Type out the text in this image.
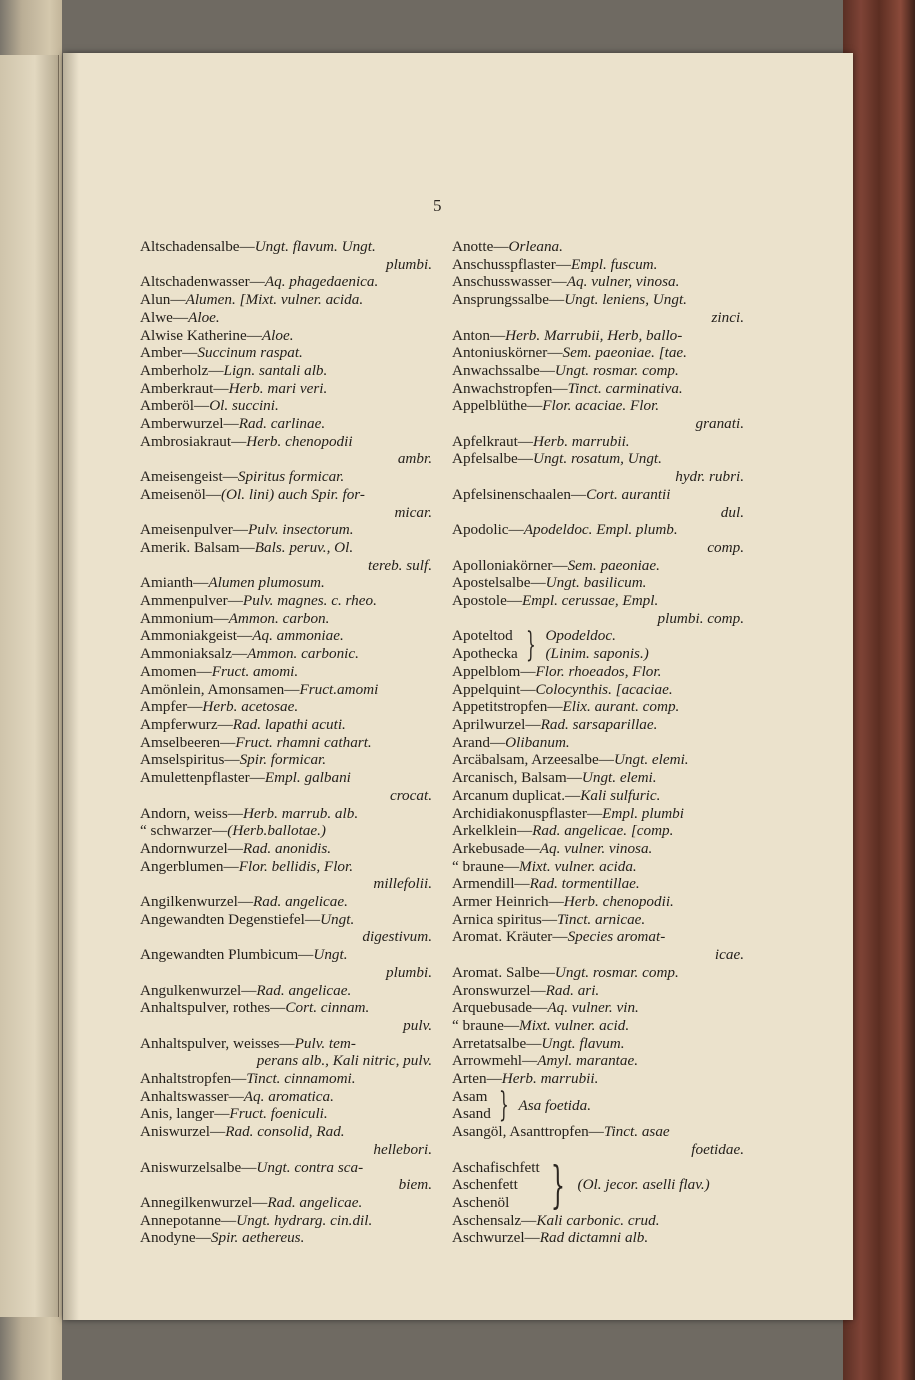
5
Altschadensalbe—Ungt. flavum. Ungt.
plumbi.
Altschadenwasser—Aq. phagedaenica.
Alun—Alumen. [Mixt. vulner. acida.
Alwe—Aloe.
Alwise Katherine—Aloe.
Amber—Succinum raspat.
Amberholz—Lign. santali alb.
Amberkraut—Herb. mari veri.
Amberöl—Ol. succini.
Amberwurzel—Rad. carlinae.
Ambrosiakraut—Herb. chenopodii
ambr.
Ameisengeist—Spiritus formicar.
Ameisenöl—(Ol. lini) auch Spir. for-
micar.
Ameisenpulver—Pulv. insectorum.
Amerik. Balsam—Bals. peruv., Ol.
tereb. sulf.
Amianth—Alumen plumosum.
Ammenpulver—Pulv. magnes. c. rheo.
Ammonium—Ammon. carbon.
Ammoniakgeist—Aq. ammoniae.
Ammoniaksalz—Ammon. carbonic.
Amomen—Fruct. amomi.
Amönlein, Amonsamen—Fruct.amomi
Ampfer—Herb. acetosae.
Ampferwurz—Rad. lapathi acuti.
Amselbeeren—Fruct. rhamni cathart.
Amselspiritus—Spir. formicar.
Amulettenpflaster—Empl. galbani
crocat.
Andorn, weiss—Herb. marrub. alb.
“ schwarzer—(Herb.ballotae.)
Andornwurzel—Rad. anonidis.
Angerblumen—Flor. bellidis, Flor.
millefolii.
Angilkenwurzel—Rad. angelicae.
Angewandten Degenstiefel—Ungt.
digestivum.
Angewandten Plumbicum—Ungt.
plumbi.
Angulkenwurzel—Rad. angelicae.
Anhaltspulver, rothes—Cort. cinnam.
pulv.
Anhaltspulver, weisses—Pulv. tem-
perans alb., Kali nitric, pulv.
Anhaltstropfen—Tinct. cinnamomi.
Anhaltswasser—Aq. aromatica.
Anis, langer—Fruct. foeniculi.
Aniswurzel—Rad. consolid, Rad.
hellebori.
Aniswurzelsalbe—Ungt. contra sca-
biem.
Annegilkenwurzel—Rad. angelicae.
Annepotanne—Ungt. hydrarg. cin.dil.
Anodyne—Spir. aethereus.
Anotte—Orleana.
Anschusspflaster—Empl. fuscum.
Anschusswasser—Aq. vulner, vinosa.
Ansprungssalbe—Ungt. leniens, Ungt.
zinci.
Anton—Herb. Marrubii, Herb, ballo-
Antoniuskörner—Sem. paeoniae. [tae.
Anwachssalbe—Ungt. rosmar. comp.
Anwachstropfen—Tinct. carminativa.
Appelblüthe—Flor. acaciae. Flor.
granati.
Apfelkraut—Herb. marrubii.
Apfelsalbe—Ungt. rosatum, Ungt.
hydr. rubri.
Apfelsinenschaalen—Cort. aurantii
dul.
Apodolic—Apodeldoc. Empl. plumb.
comp.
Apolloniakörner—Sem. paeoniae.
Apostelsalbe—Ungt. basilicum.
Apostole—Empl. cerussae, Empl.
plumbi. comp.
Apoteltod
Apothecka } Opodeldoc.
(Linim. saponis.)
Appelblom—Flor. rhoeados, Flor.
Appelquint—Colocynthis. [acaciae.
Appetitstropfen—Elix. aurant. comp.
Aprilwurzel—Rad. sarsaparillae.
Arand—Olibanum.
Arcäbalsam, Arzeesalbe—Ungt. elemi.
Arcanisch, Balsam—Ungt. elemi.
Arcanum duplicat.—Kali sulfuric.
Archidiakonuspflaster—Empl. plumbi
Arkelklein—Rad. angelicae. [comp.
Arkebusade—Aq. vulner. vinosa.
“ braune—Mixt. vulner. acida.
Armendill—Rad. tormentillae.
Armer Heinrich—Herb. chenopodii.
Arnica spiritus—Tinct. arnicae.
Aromat. Kräuter—Species aromat-
icae.
Aromat. Salbe—Ungt. rosmar. comp.
Aronswurzel—Rad. ari.
Arquebusade—Aq. vulner. vin.
“ braune—Mixt. vulner. acid.
Arretatsalbe—Ungt. flavum.
Arrowmehl—Amyl. marantae.
Arten—Herb. marrubii.
Asam
Asand } Asa foetida.
Asangöl, Asanttropfen—Tinct. asae
foetidae.
Aschafischfett
Aschenfett
Aschenöl } (Ol. jecor. aselli flav.)
Aschensalz—Kali carbonic. crud.
Aschwurzel—Rad dictamni alb.
